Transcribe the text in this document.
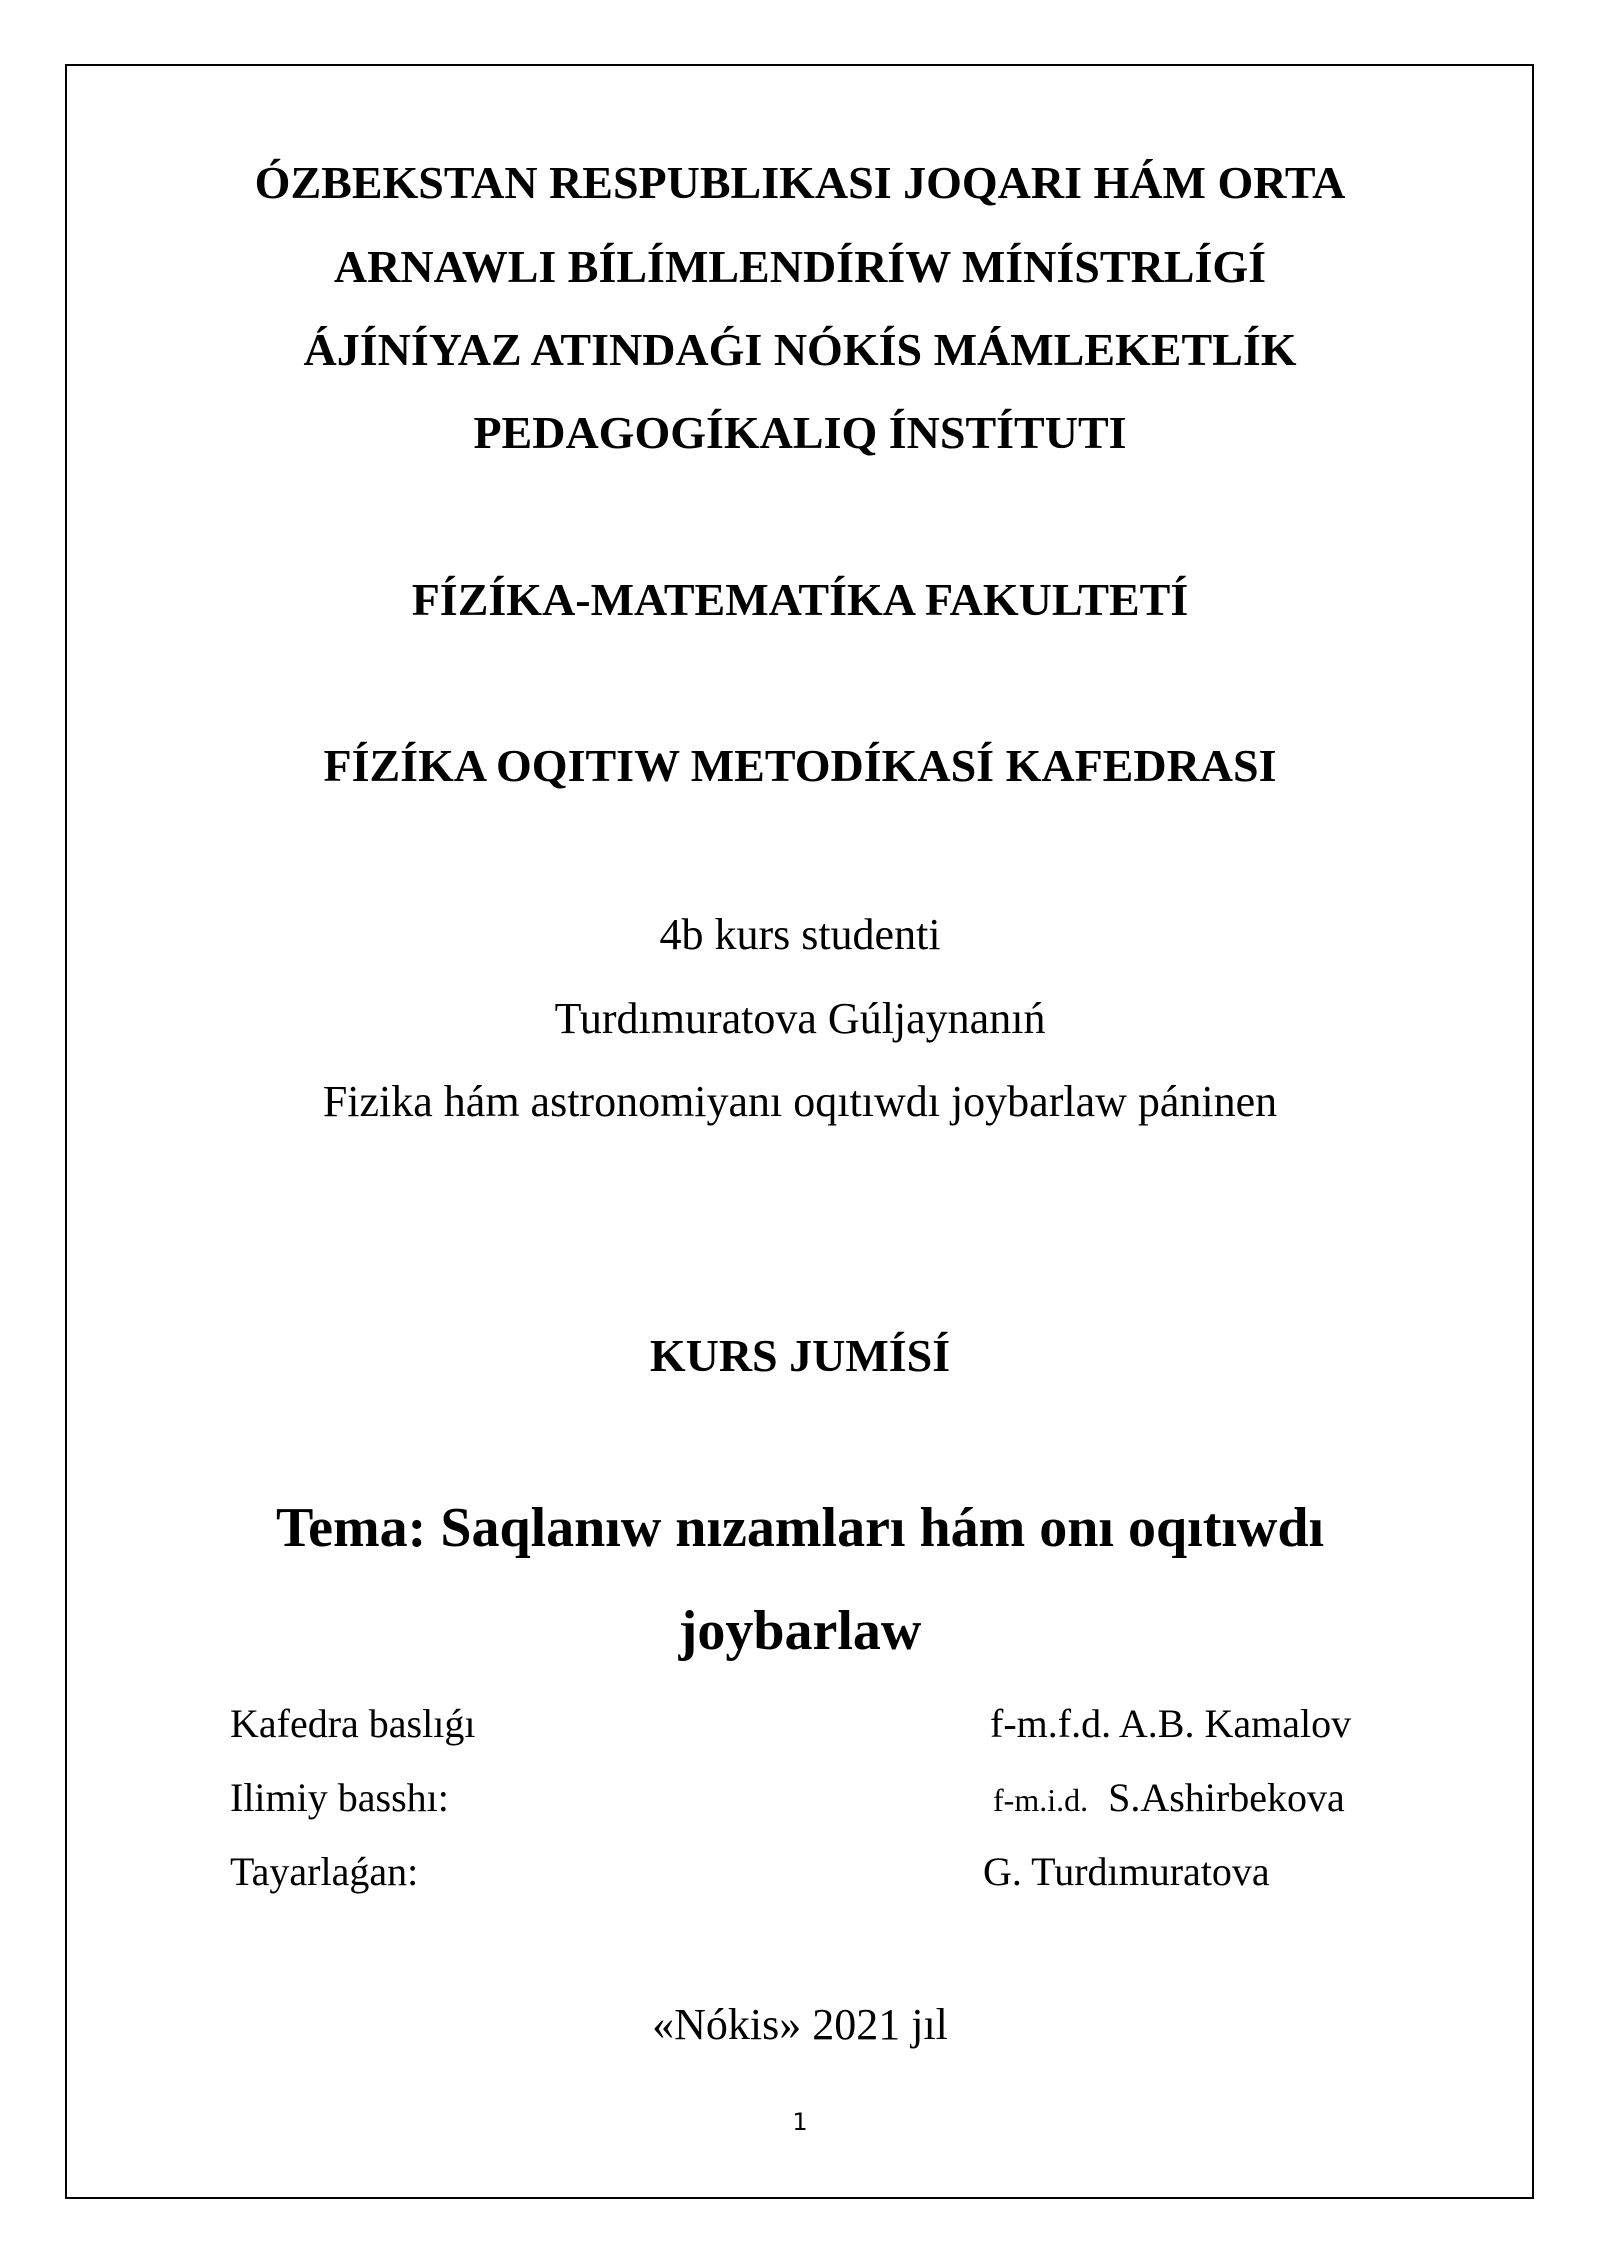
ÓZBEKSTAN RESPUBLIKASI JOQARI HÁM ORTA
ARNAWLI BÍLÍMLENDÍRÍW MÍNÍSTRLÍGÍ
ÁJÍNÍYAZ ATINDAǴI NÓKÍS MÁMLEKETLÍK
PEDAGOGÍKALIQ ÍNSTÍTUTI
FÍZÍKA-MATEMATÍKA FAKULTETÍ
FÍZÍKA OQITIW METODÍKASÍ KAFEDRASI
4b kurs studenti
Turdımuratova Gúljaynanıń
Fizika hám astronomiyanı oqıtıwdı joybarlaw páninen
KURS JUMÍSÍ
Tema: Saqlanıw nızamları hám onı oqıtıwdı
joybarlaw
Kafedra baslıǵı	f-m.f.d. A.B. Kamalov
Ilimiy basshı:	f-m.i.d. S.Ashirbekova
Tayarlaǵan:	G. Turdımuratova
«Nókis» 2021 jıl
1
